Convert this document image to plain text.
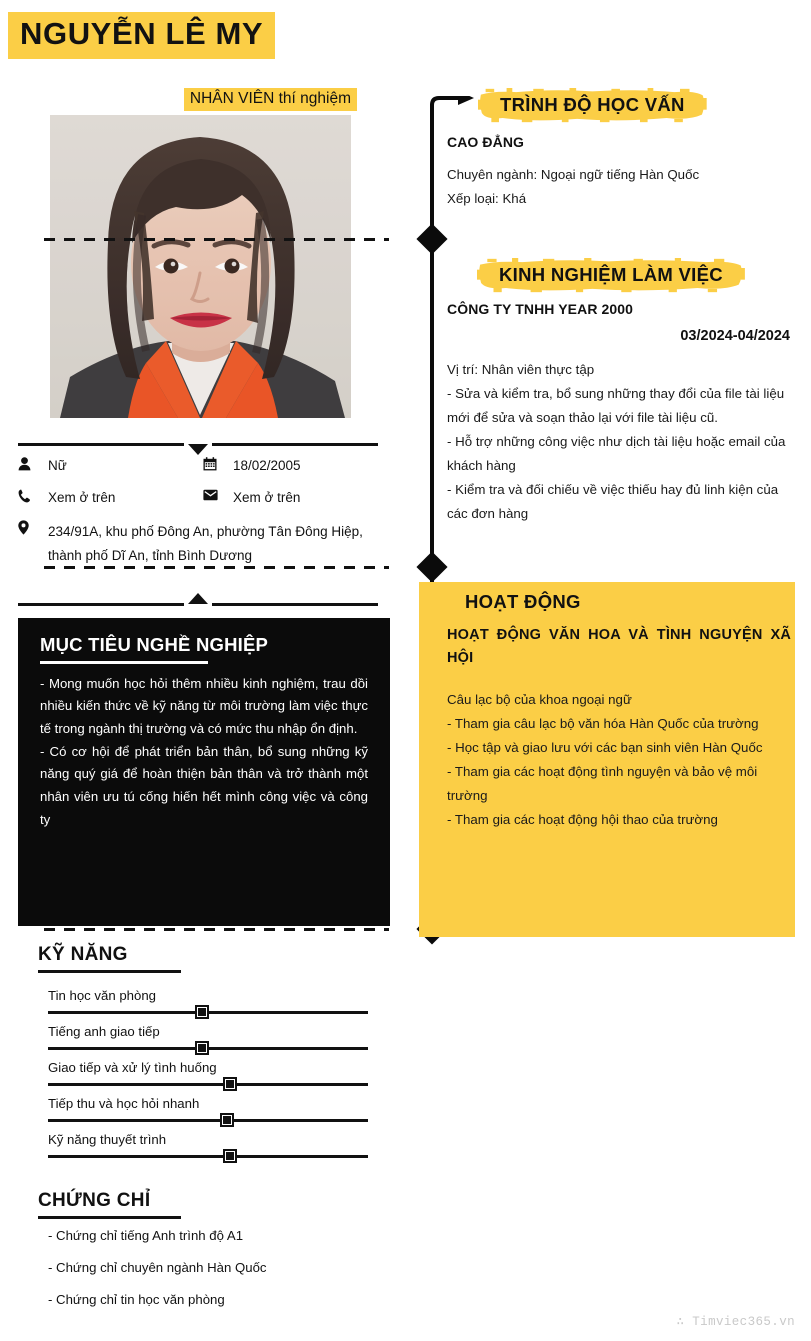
NGUYỄN LÊ MY
NHÂN VIÊN thí nghiệm
Nữ	18/02/2005
Xem ở trên	Xem ở trên
234/91A, khu phố Đông An, phường Tân Đông Hiệp, thành phố Dĩ An, tỉnh Bình Dương
MỤC TIÊU NGHỀ NGHIỆP
- Mong muốn học hỏi thêm nhiều kinh nghiệm, trau dồi nhiều kiến thức về kỹ năng từ môi trường làm việc thực tế trong ngành thị trường và có mức thu nhập ổn định.
- Có cơ hội để phát triển bản thân, bổ sung những kỹ năng quý giá để hoàn thiện bản thân và trở thành một nhân viên ưu tú cống hiến hết mình công việc và công ty
KỸ NĂNG
Tin học văn phòng
Tiếng anh giao tiếp
Giao tiếp và xử lý tình huống
Tiếp thu và học hỏi nhanh
Kỹ năng thuyết trình
CHỨNG CHỈ
- Chứng chỉ tiếng Anh trình độ A1
- Chứng chỉ chuyên ngành Hàn Quốc
- Chứng chỉ tin học văn phòng
TRÌNH ĐỘ HỌC VẤN
CAO ĐẲNG
Chuyên ngành: Ngoại ngữ tiếng Hàn Quốc
Xếp loại: Khá
KINH NGHIỆM LÀM VIỆC
CÔNG TY TNHH YEAR 2000
03/2024-04/2024
Vị trí: Nhân viên thực tập
- Sửa và kiểm tra, bổ sung những thay đổi của file tài liệu mới để sửa và soạn thảo lại với file tài liệu cũ.
- Hỗ trợ những công việc như dịch tài liệu hoặc email của khách hàng
- Kiểm tra và đối chiếu về việc thiếu hay đủ linh kiện của các đơn hàng
HOẠT ĐỘNG
HOẠT ĐỘNG VĂN HOA VÀ TÌNH NGUYỆN XÃ HỘI
Câu lạc bộ của khoa ngoại ngữ
- Tham gia câu lạc bộ văn hóa Hàn Quốc của trường
- Học tập và giao lưu với các bạn sinh viên Hàn Quốc
- Tham gia các hoạt động tình nguyện và bảo vệ môi trường
- Tham gia các hoạt động hội thao của trường
∴ Timviec365.vn
